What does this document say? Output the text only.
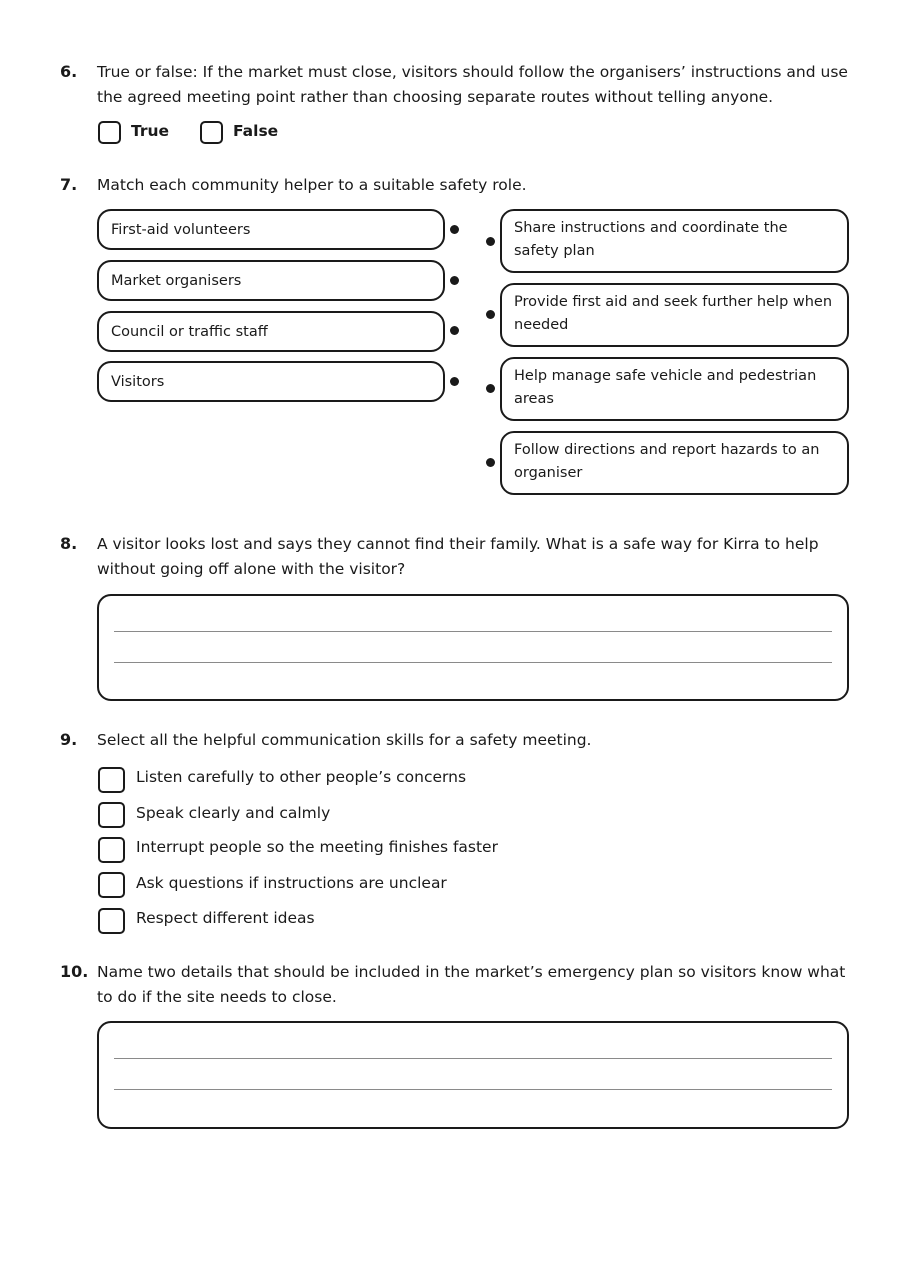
6. True or false: If the market must close, visitors should follow the organisers’ instructions and use the agreed meeting point rather than choosing separate routes without telling anyone.
True	False
7. Match each community helper to a suitable safety role.
First-aid volunteers
Market organisers
Council or traffic staff
Visitors
Share instructions and coordinate the safety plan
Provide first aid and seek further help when needed
Help manage safe vehicle and pedestrian areas
Follow directions and report hazards to an organiser
8. A visitor looks lost and says they cannot find their family. What is a safe way for Kirra to help without going off alone with the visitor?
9. Select all the helpful communication skills for a safety meeting.
Listen carefully to other people’s concerns
Speak clearly and calmly
Interrupt people so the meeting finishes faster
Ask questions if instructions are unclear
Respect different ideas
10. Name two details that should be included in the market’s emergency plan so visitors know what to do if the site needs to close.
